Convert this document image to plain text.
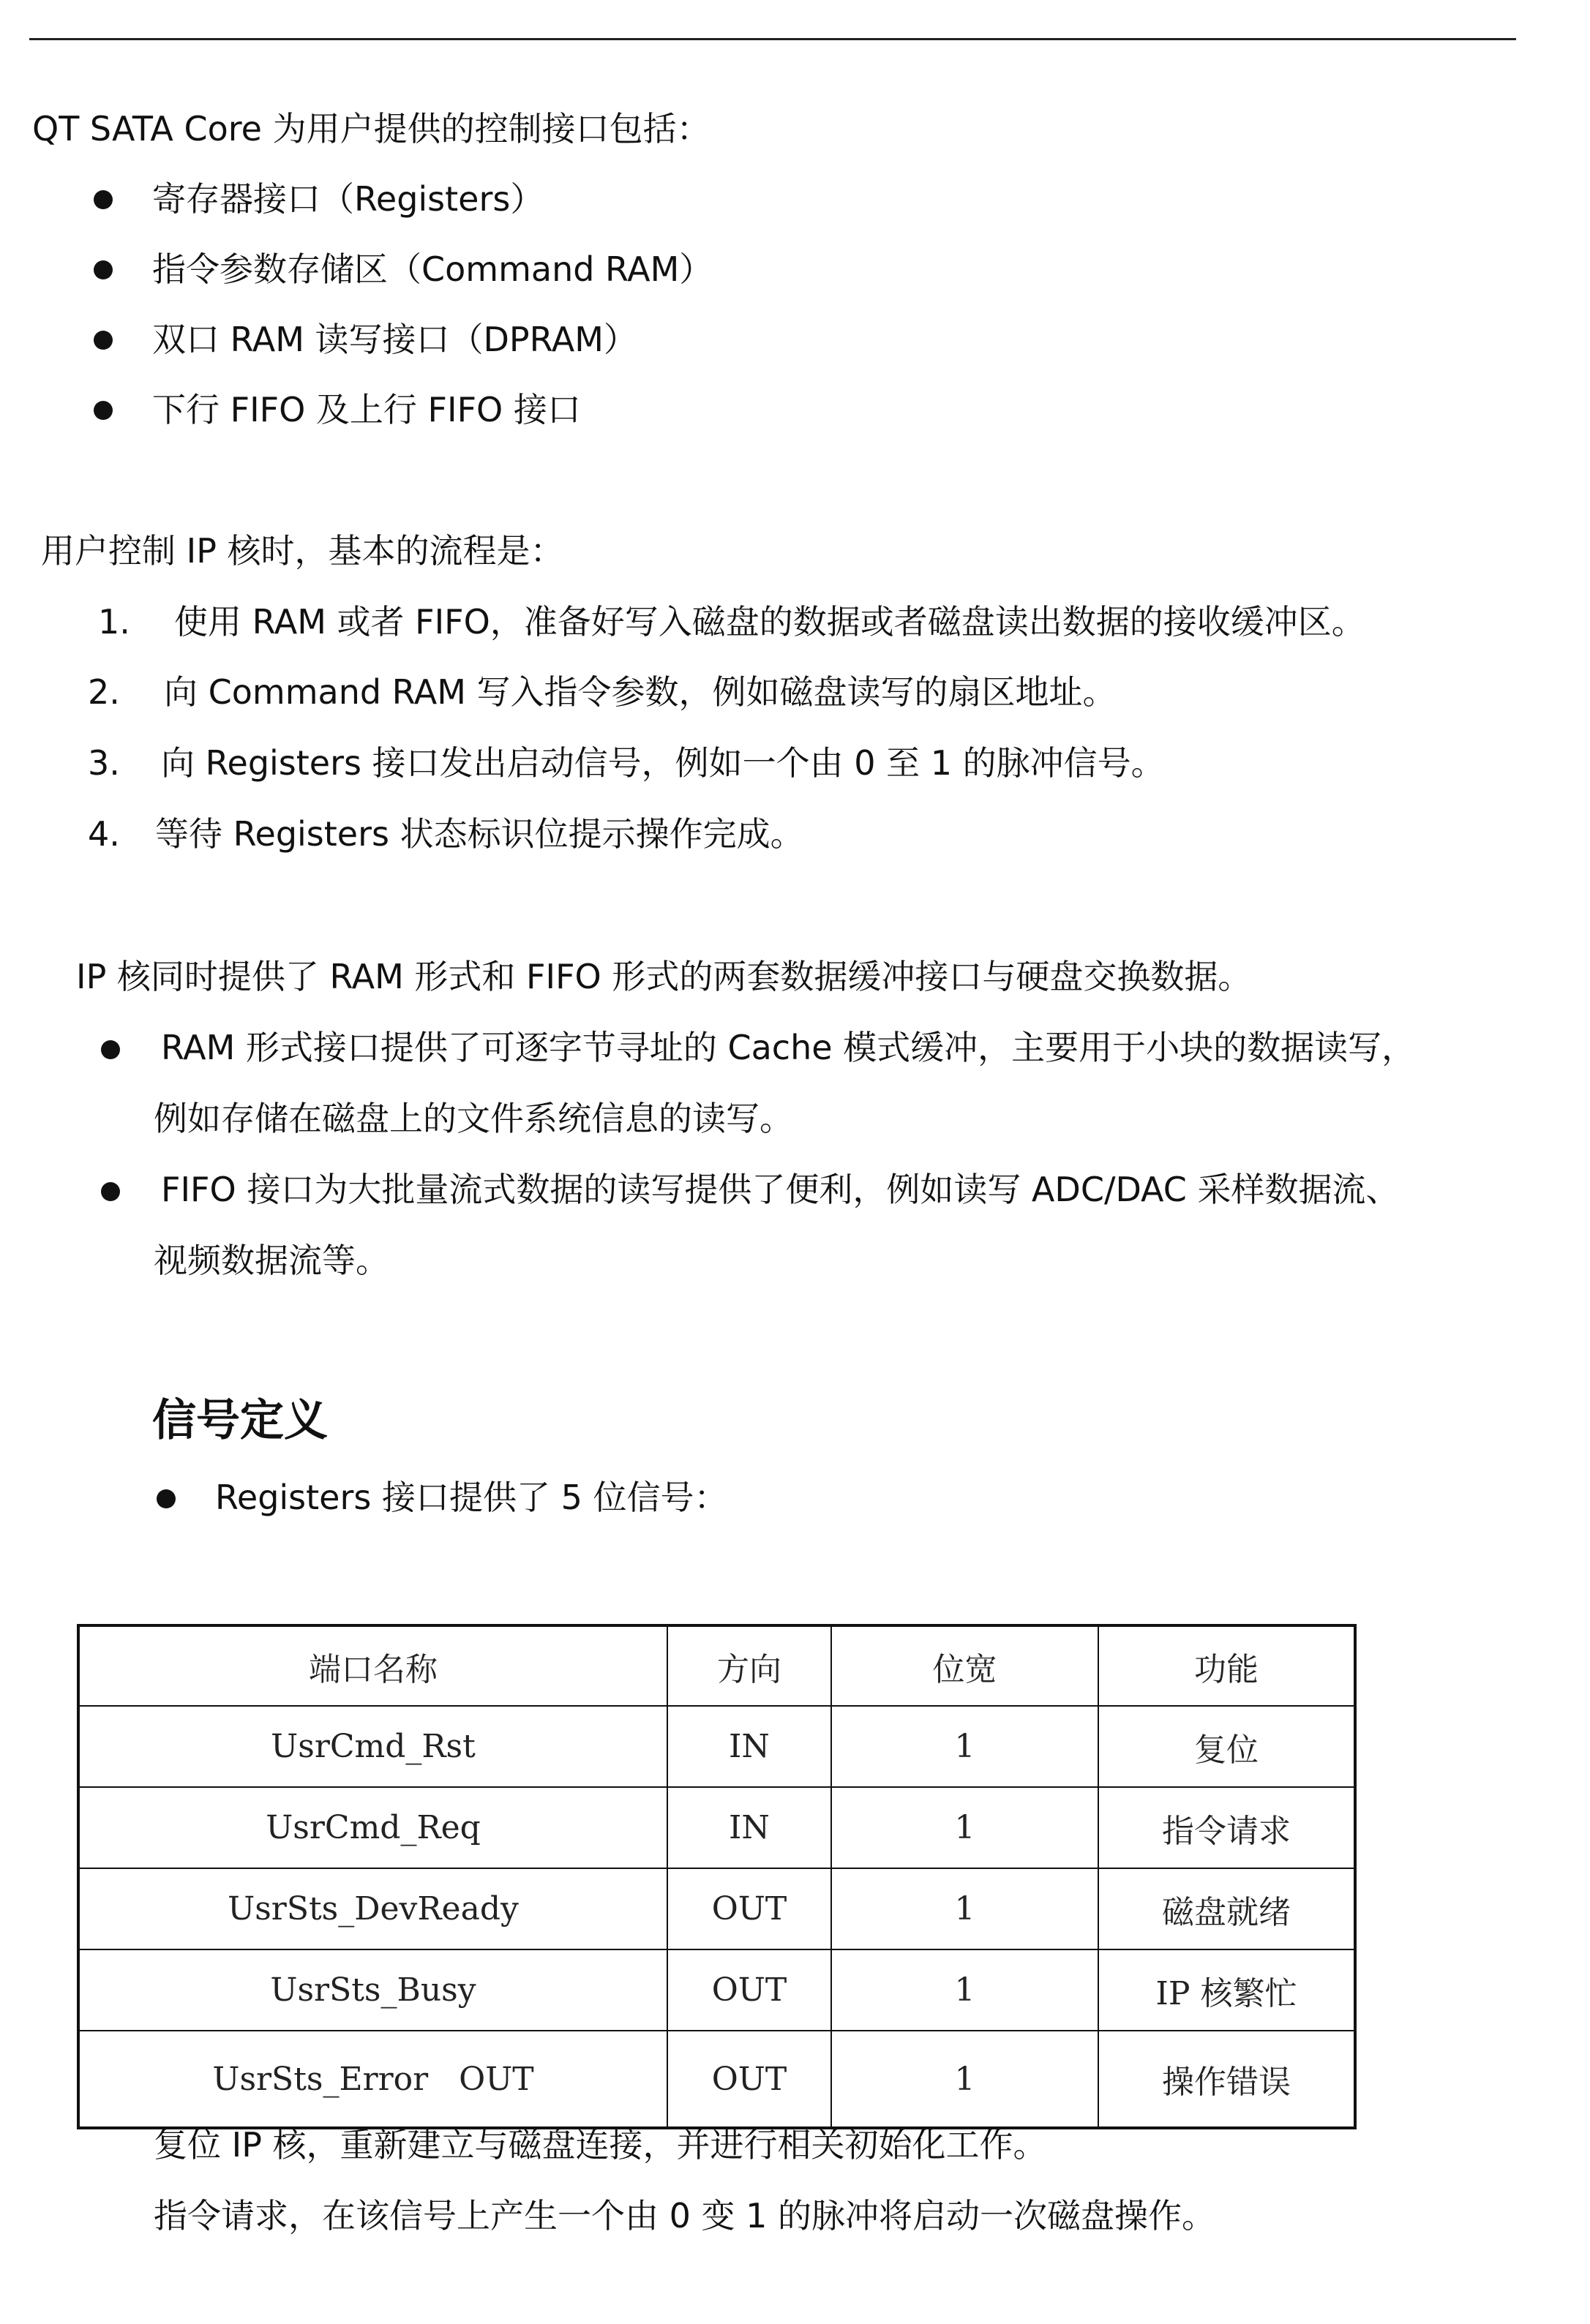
QT SATA Core 为用户提供的控制接口包括：
寄存器接口（Registers）
指令参数存储区（Command RAM）
双口 RAM 读写接口（DPRAM）
下行 FIFO 及上行 FIFO 接口
用户控制 IP 核时，基本的流程是：
1. 使用 RAM 或者 FIFO，准备好写入磁盘的数据或者磁盘读出数据的接收缓冲区。
2. 向 Command RAM 写入指令参数，例如磁盘读写的扇区地址。
3. 向 Registers 接口发出启动信号，例如一个由 0 至 1 的脉冲信号。
4. 等待 Registers 状态标识位提示操作完成。
IP 核同时提供了 RAM 形式和 FIFO 形式的两套数据缓冲接口与硬盘交换数据。
RAM 形式接口提供了可逐字节寻址的 Cache 模式缓冲，主要用于小块的数据读写，
例如存储在磁盘上的文件系统信息的读写。
FIFO 接口为大批量流式数据的读写提供了便利，例如读写 ADC/DAC 采样数据流、
视频数据流等。
信号定义
Registers 接口提供了 5 位信号：
端口名称	方向	位宽	功能
UsrCmd_Rst	IN	1	复位
UsrCmd_Req	IN	1	指令请求
UsrSts_DevReady	OUT	1	磁盘就绪
UsrSts_Busy	OUT	1	IP 核繁忙
UsrSts_Error   OUT	OUT	1	操作错误
复位 IP 核，重新建立与磁盘连接，并进行相关初始化工作。
指令请求，在该信号上产生一个由 0 变 1 的脉冲将启动一次磁盘操作。
